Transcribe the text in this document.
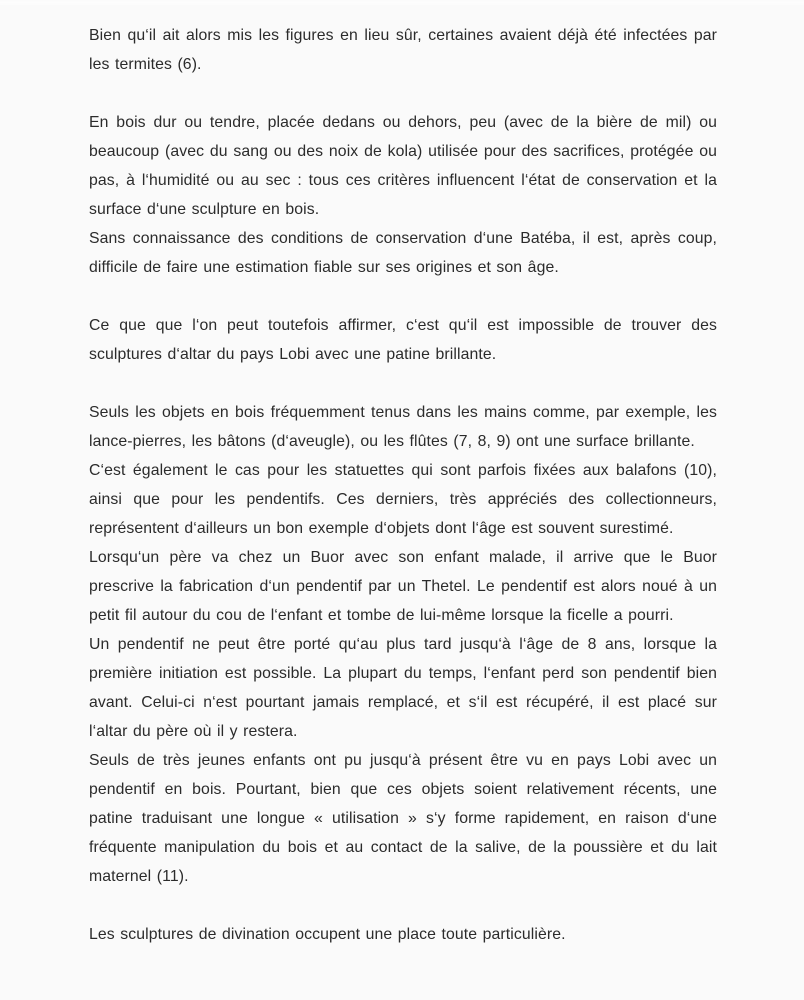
Bien qu‘il ait alors mis les figures en lieu sûr, certaines avaient déjà été infectées par les termites (6).

En bois dur ou tendre, placée dedans ou dehors, peu (avec de la bière de mil) ou beaucoup (avec du sang ou des noix de kola) utilisée pour des sacrifices, protégée ou pas, à l‘humidité ou au sec : tous ces critères influencent l‘état de conservation et la surface d‘une sculpture en bois.

Sans connaissance des conditions de conservation d‘une Batéba, il est, après coup, difficile de faire une estimation fiable sur ses origines et son âge.

Ce que que l‘on peut toutefois affirmer, c‘est qu‘il est impossible de trouver des sculptures d‘altar du pays Lobi avec une patine brillante.

Seuls les objets en bois fréquemment tenus dans les mains comme, par exemple, les lance-pierres, les bâtons (d‘aveugle), ou les flûtes (7, 8, 9) ont une surface brillante.

C‘est également le cas pour les statuettes qui sont parfois fixées aux balafons (10), ainsi que pour les pendentifs. Ces derniers, très appréciés des collectionneurs, représentent d‘ailleurs un bon exemple d‘objets dont l‘âge est souvent surestimé.

Lorsqu‘un père va chez un Buor avec son enfant malade, il arrive que le Buor prescrive la fabrication d‘un pendentif par un Thetel. Le pendentif est alors noué à un petit fil autour du cou de l‘enfant et tombe de lui-même lorsque la ficelle a pourri.

Un pendentif ne peut être porté qu‘au plus tard jusqu‘à l‘âge de 8 ans, lorsque la première initiation est possible. La plupart du temps, l‘enfant perd son pendentif bien avant. Celui-ci n‘est pourtant jamais remplacé, et s‘il est récupéré, il est placé sur l‘altar du père où il y restera.

Seuls de très jeunes enfants ont pu jusqu‘à présent être vu en pays Lobi avec un pendentif en bois. Pourtant, bien que ces objets soient relativement récents, une patine traduisant une longue « utilisation » s‘y forme rapidement, en raison d‘une fréquente manipulation du bois et au contact de la salive, de la poussière et du lait maternel (11).

Les sculptures de divination occupent une place toute particulière.
